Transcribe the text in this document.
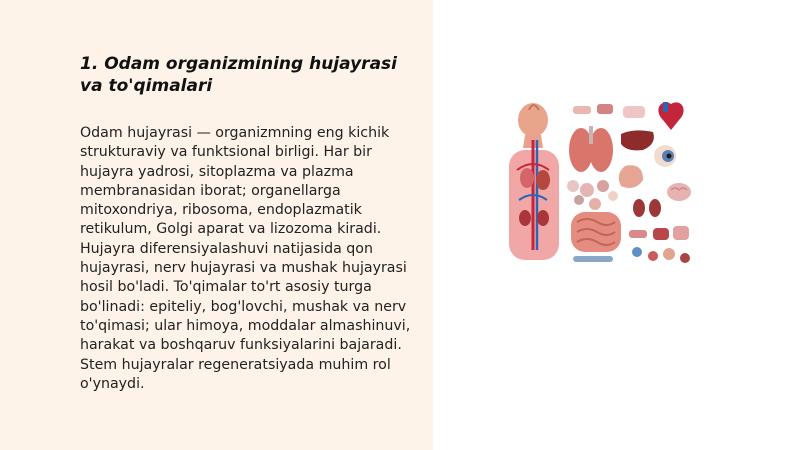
1. Odam organizmining hujayrasi va to'qimalari

Odam hujayrasi — organizmning eng kichik strukturaviy va funktsional birligi. Har bir hujayra yadrosi, sitoplazma va plazma membranasidan iborat; organellarga mitoxondriya, ribosoma, endoplazmatik retikulum, Golgi aparat va lizozoma kiradi. Hujayra diferensiyalashuvi natijasida qon hujayrasi, nerv hujayrasi va mushak hujayrasi hosil bo'ladi. To'qimalar to'rt asosiy turga bo'linadi: epiteliy, bog'lovchi, mushak va nerv to'qimasi; ular himoya, moddalar almashinuvi, harakat va boshqaruv funksiyalarini bajaradi. Stem hujayralar regeneratsiyada muhim rol o'ynaydi.
